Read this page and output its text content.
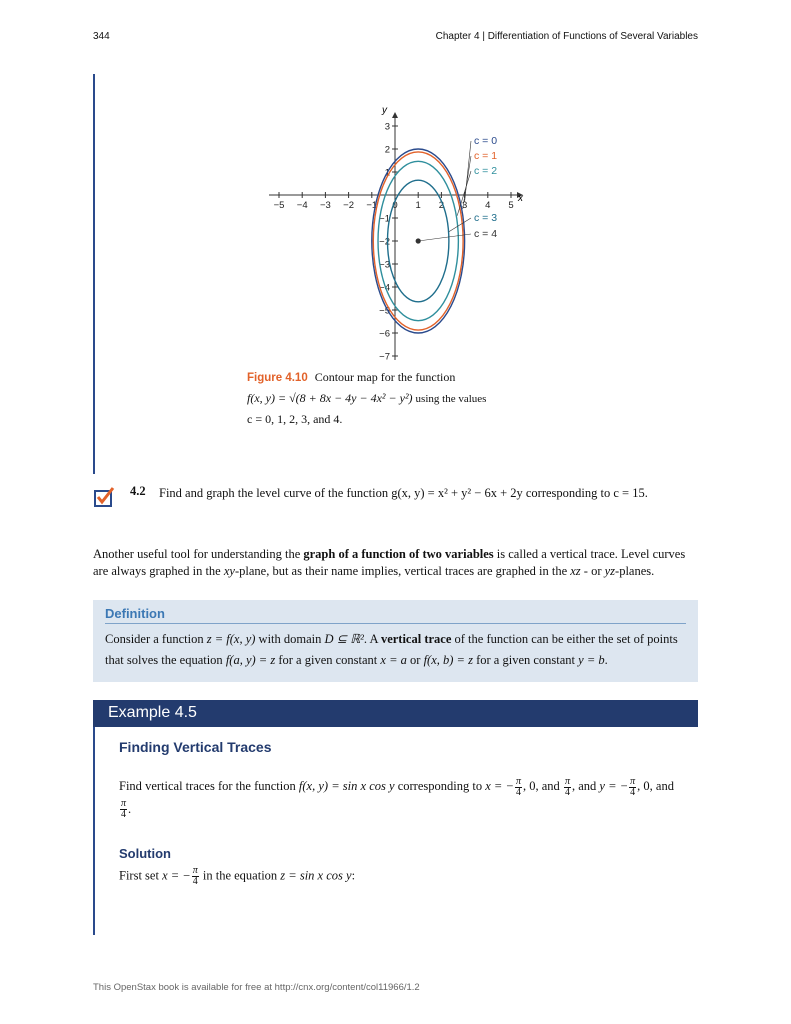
344	Chapter 4 | Differentiation of Functions of Several Variables
−5 −4 −3 −2 −1 0 1 2 3 4 5
3
2
1
−1
−2
−3
−4
−5
−6
−7
c = 0
c = 1
c = 2
c = 3
c = 4
x
y
Figure 4.10 Contour map for the function
f(x, y) = √(8 + 8x − 4y − 4x² − y²) using the values
c = 0, 1, 2, 3, and 4.
4.2 Find and graph the level curve of the function g(x, y) = x² + y² − 6x + 2y corresponding to c = 15.
Another useful tool for understanding the graph of a function of two variables is called a vertical trace. Level curves are always graphed in the xy-plane, but as their name implies, vertical traces are graphed in the xz - or yz-planes.
Definition
Consider a function z = f(x, y) with domain D ⊆ ℝ². A vertical trace of the function can be either the set of points that solves the equation f(a, y) = z for a given constant x = a or f(x, b) = z for a given constant y = b.
Example 4.5
Finding Vertical Traces
Find vertical traces for the function f(x, y) = sin x cos y corresponding to x = − $\frac{\pi}{4}$ , 0, and $\frac{\pi}{4}$ , and y = − $\frac{\pi}{4}$ , 0, and
$\frac{\pi}{4}$ .
Solution
First set x = − $\frac{\pi}{4}$ in the equation z = sin x cos y:
This OpenStax book is available for free at http://cnx.org/content/col11966/1.2
